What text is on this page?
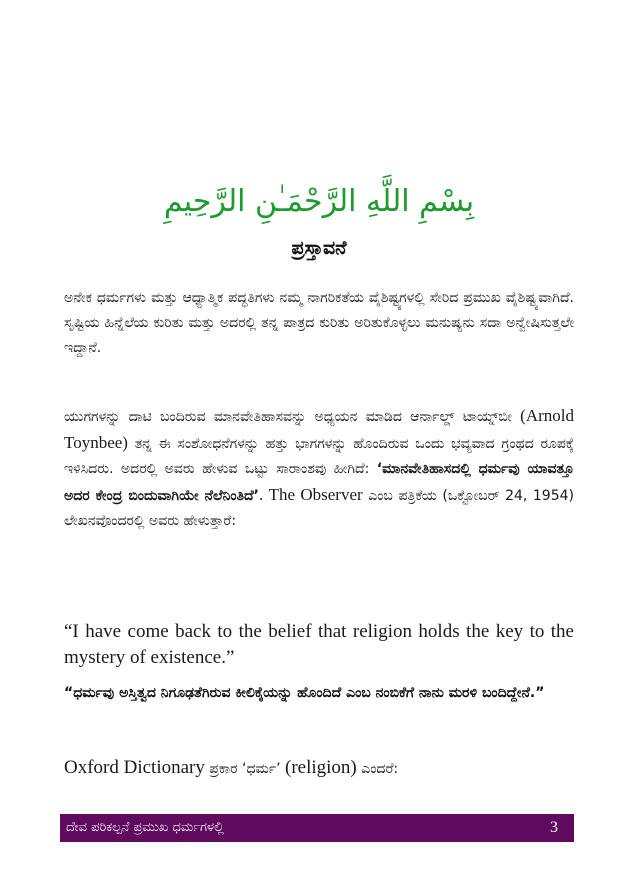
بِسْمِ اللَّهِ الرَّحْمَـٰنِ الرَّحِيمِ
ಪ್ರಸ್ತಾವನೆ
ಅನೇಕ ಧರ್ಮಗಳು ಮತ್ತು ಆಧ್ಯಾತ್ಮಿಕ ಪದ್ಧತಿಗಳು ನಮ್ಮ ನಾಗರಿಕತೆಯ ವೈಶಿಷ್ಟ್ಯಗಳಲ್ಲಿ ಸೇರಿದ ಪ್ರಮುಖ ವೈಶಿಷ್ಟ್ಯವಾಗಿದೆ. ಸೃಷ್ಟಿಯ ಹಿನ್ನೆಲೆಯ ಕುರಿತು ಮತ್ತು ಅದರಲ್ಲಿ ತನ್ನ ಪಾತ್ರದ ಕುರಿತು ಅರಿತುಕೊಳ್ಳಲು ಮನುಷ್ಯನು ಸದಾ ಅನ್ವೇಷಿಸುತ್ತಲೇ ಇದ್ದಾನೆ.
ಯುಗಗಳನ್ನು ದಾಟಿ ಬಂದಿರುವ ಮಾನವೇತಿಹಾಸವನ್ನು ಅಧ್ಯಯನ ಮಾಡಿದ ಆರ್ನಾಲ್ಡ್ ಟಾಯ್ನ್‌ಬೀ (Arnold Toynbee) ತನ್ನ ಈ ಸಂಶೋಧನೆಗಳನ್ನು ಹತ್ತು ಭಾಗಗಳನ್ನು ಹೊಂದಿರುವ ಒಂದು ಭವ್ಯವಾದ ಗ್ರಂಥದ ರೂಪಕ್ಕೆ ಇಳಿಸಿದರು. ಅದರಲ್ಲಿ ಅವರು ಹೇಳುವ ಒಟ್ಟು ಸಾರಾಂಶವು ಹೀಗಿದೆ: ‘ಮಾನವೇತಿಹಾಸದಲ್ಲಿ ಧರ್ಮವು ಯಾವತ್ತೂ ಅದರ ಕೇಂದ್ರ ಬಿಂದುವಾಗಿಯೇ ನೆಲೆನಿಂತಿದೆ’. The Observer ಎಂಬ ಪತ್ರಿಕೆಯ (ಒಕ್ಟೋಬರ್ 24, 1954) ಲೇಖನವೊಂದರಲ್ಲಿ ಅವರು ಹೇಳುತ್ತಾರೆ:
“I have come back to the belief that religion holds the key to the mystery of existence.”
“ಧರ್ಮವು ಅಸ್ತಿತ್ವದ ನಿಗೂಢತೆಗಿರುವ ಕೀಲಿಕೈಯನ್ನು ಹೊಂದಿದೆ ಎಂಬ ನಂಬಿಕೆಗೆ ನಾನು ಮರಳಿ ಬಂದಿದ್ದೇನೆ.”
Oxford Dictionary ಪ್ರಕಾರ ‘ಧರ್ಮ’ (religion) ಎಂದರೆ:
ದೇವ ಪರಿಕಲ್ಪನೆ ಪ್ರಮುಖ ಧರ್ಮಗಳಲ್ಲಿ	3
